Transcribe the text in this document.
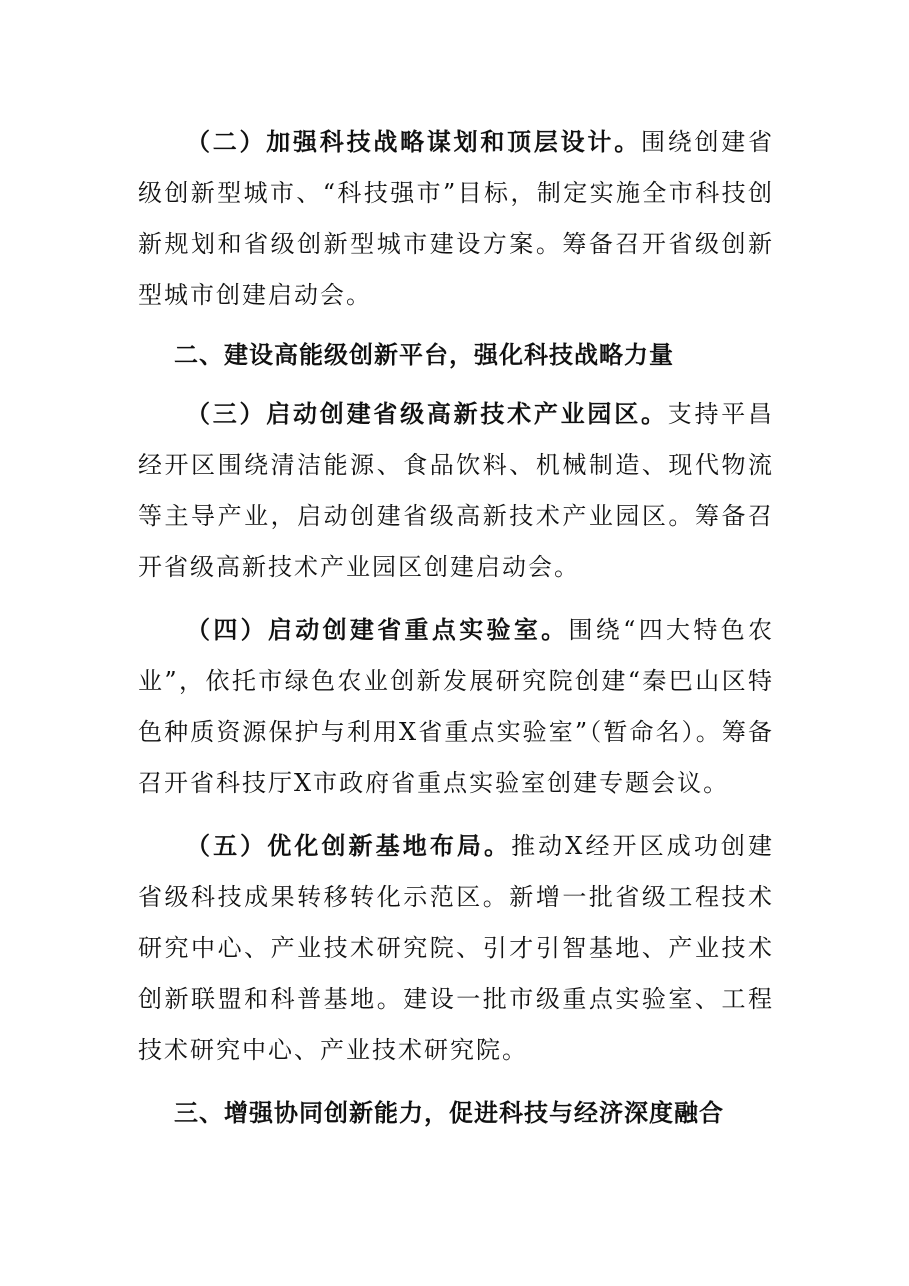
（二）加强科技战略谋划和顶层设计。围绕创建省级创新型城市、“科技强市”目标，制定实施全市科技创新规划和省级创新型城市建设方案。筹备召开省级创新型城市创建启动会。

二、建设高能级创新平台，强化科技战略力量

（三）启动创建省级高新技术产业园区。支持平昌经开区围绕清洁能源、食品饮料、机械制造、现代物流等主导产业，启动创建省级高新技术产业园区。筹备召开省级高新技术产业园区创建启动会。

（四）启动创建省重点实验室。围绕“四大特色农业”，依托市绿色农业创新发展研究院创建“秦巴山区特色种质资源保护与利用X省重点实验室”（暂命名）。筹备召开省科技厅X市政府省重点实验室创建专题会议。

（五）优化创新基地布局。推动X经开区成功创建省级科技成果转移转化示范区。新增一批省级工程技术研究中心、产业技术研究院、引才引智基地、产业技术创新联盟和科普基地。建设一批市级重点实验室、工程技术研究中心、产业技术研究院。

三、增强协同创新能力，促进科技与经济深度融合
